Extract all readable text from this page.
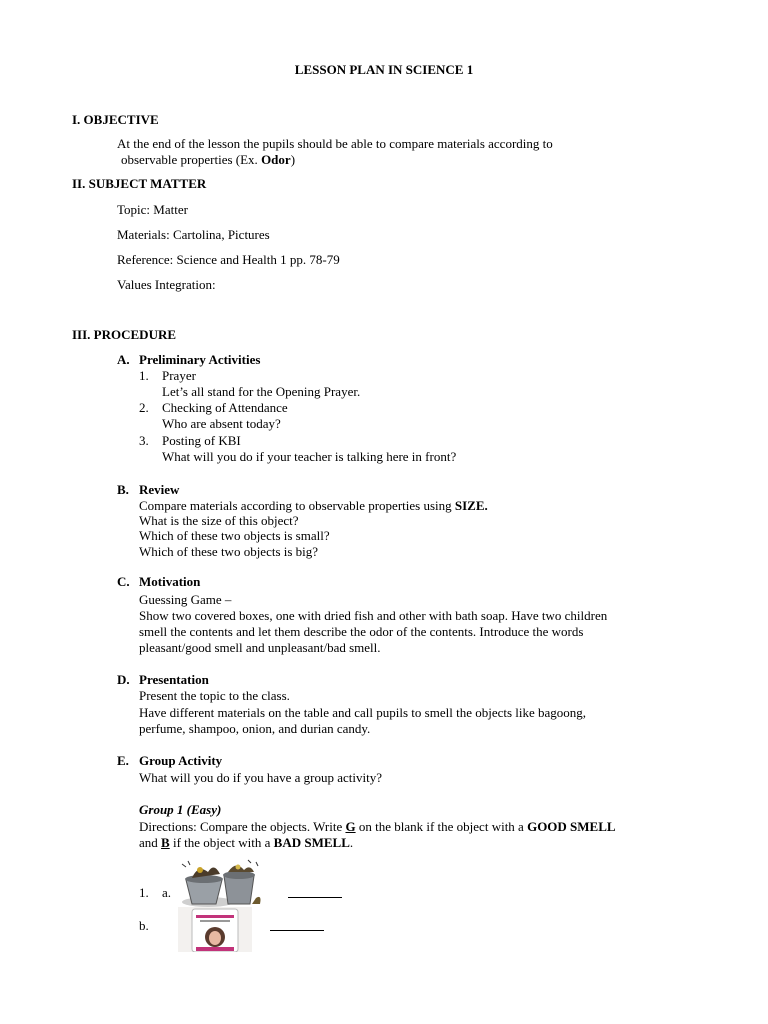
LESSON PLAN IN SCIENCE 1
I. OBJECTIVE
At the end of the lesson the pupils should be able to compare materials according to
observable properties (Ex. Odor)
II. SUBJECT MATTER
Topic: Matter
Materials: Cartolina, Pictures
Reference: Science and Health 1 pp. 78-79
Values Integration:
III. PROCEDURE
A. Preliminary Activities
1. Prayer
Let’s all stand for the Opening Prayer.
2. Checking of Attendance
Who are absent today?
3. Posting of KBI
What will you do if your teacher is talking here in front?
B. Review
Compare materials according to observable properties using SIZE.
What is the size of this object?
Which of these two objects is small?
Which of these two objects is big?
C. Motivation
Guessing Game –
Show two covered boxes, one with dried fish and other with bath soap. Have two children
smell the contents and let them describe the odor of the contents. Introduce the words
pleasant/good smell and unpleasant/bad smell.
D. Presentation
Present the topic to the class.
Have different materials on the table and call pupils to smell the objects like bagoong,
perfume, shampoo, onion, and durian candy.
E. Group Activity
What will you do if you have a group activity?
Group 1 (Easy)
Directions: Compare the objects. Write G on the blank if the object with a GOOD SMELL
and B if the object with a BAD SMELL.
1. a.
b.
